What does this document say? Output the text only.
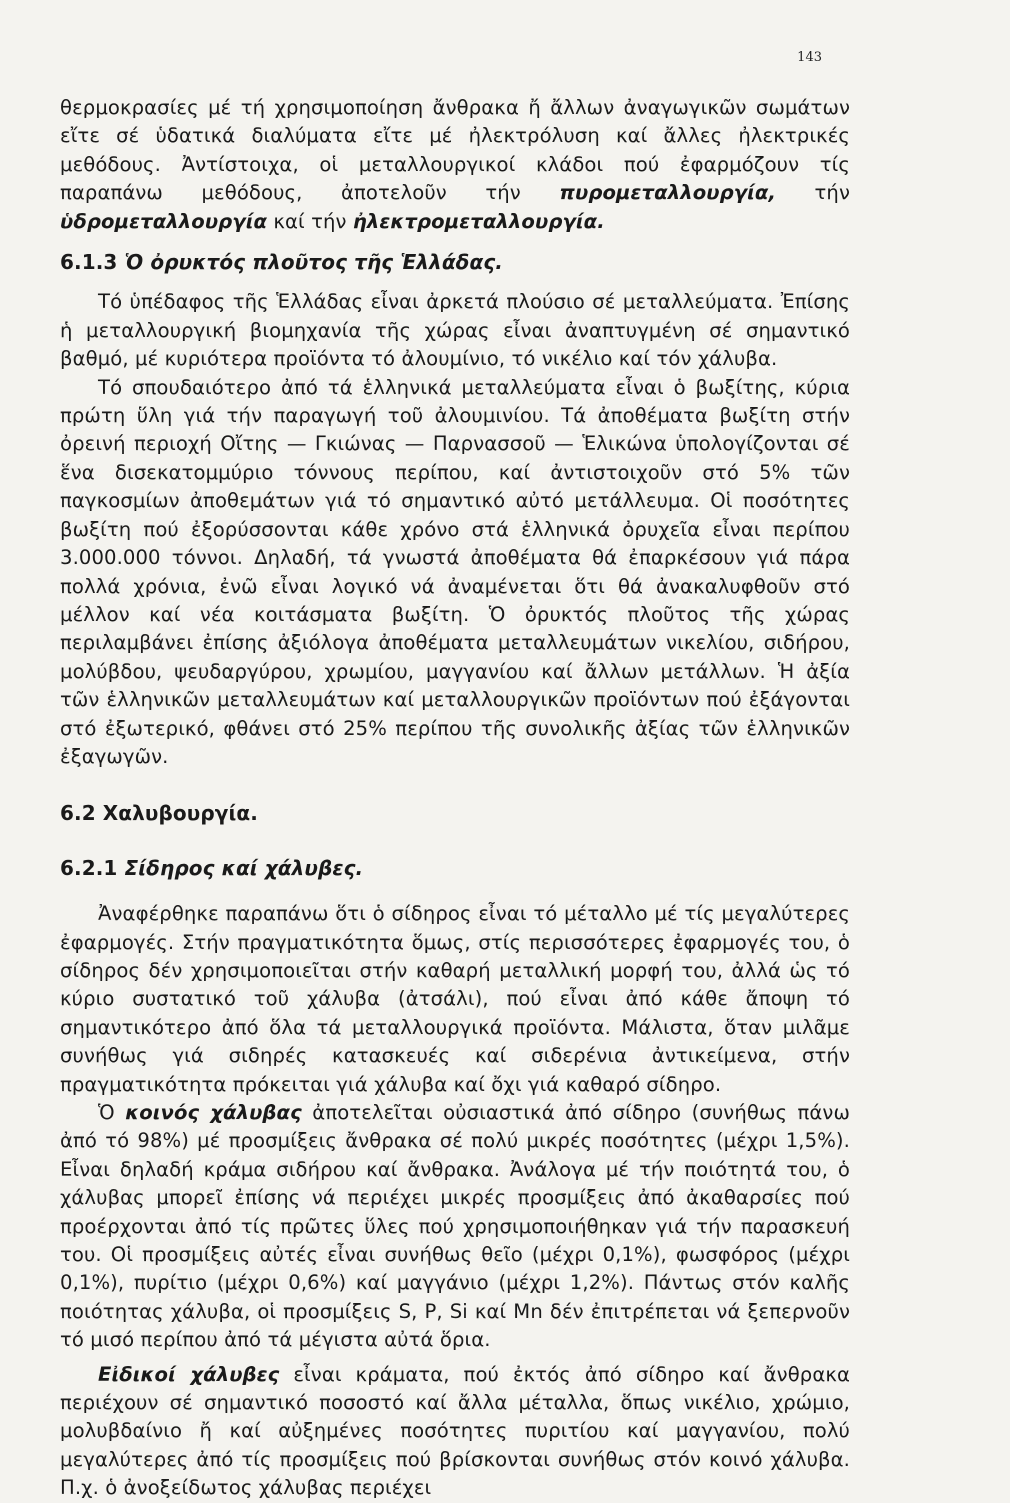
143

θερμοκρασίες μέ τή χρησιμοποίηση ἄνθρακα ἤ ἄλλων ἀναγωγικῶν σωμάτων εἴτε σέ ὑδατικά διαλύματα εἴτε μέ ἠλεκτρόλυση καί ἄλλες ἠλεκτρικές μεθόδους. Ἀντίστοιχα, οἱ μεταλλουργικοί κλάδοι πού ἐφαρμόζουν τίς παραπάνω μεθόδους, ἀποτελοῦν τήν πυρομεταλλουργία, τήν ὑδρομεταλλουργία καί τήν ἠλεκτρομεταλλουργία.

6.1.3 Ὁ ὀρυκτός πλοῦτος τῆς Ἑλλάδας.

Τό ὑπέδαφος τῆς Ἑλλάδας εἶναι ἀρκετά πλούσιο σέ μεταλλεύματα. Ἐπίσης ἡ μεταλλουργική βιομηχανία τῆς χώρας εἶναι ἀναπτυγμένη σέ σημαντικό βαθμό, μέ κυριότερα προϊόντα τό ἀλουμίνιο, τό νικέλιο καί τόν χάλυβα.

Τό σπουδαιότερο ἀπό τά ἑλληνικά μεταλλεύματα εἶναι ὁ βωξίτης, κύρια πρώτη ὕλη γιά τήν παραγωγή τοῦ ἀλουμινίου. Τά ἀποθέματα βωξίτη στήν ὀρεινή περιοχή Οἴτης — Γκιώνας — Παρνασσοῦ — Ἑλικώνα ὑπολογίζονται σέ ἕνα δισεκατομμύριο τόννους περίπου, καί ἀντιστοιχοῦν στό 5% τῶν παγκοσμίων ἀποθεμάτων γιά τό σημαντικό αὐτό μετάλλευμα. Οἱ ποσότητες βωξίτη πού ἐξορύσσονται κάθε χρόνο στά ἑλληνικά ὀρυχεῖα εἶναι περίπου 3.000.000 τόννοι. Δηλαδή, τά γνωστά ἀποθέματα θά ἐπαρκέσουν γιά πάρα πολλά χρόνια, ἐνῶ εἶναι λογικό νά ἀναμένεται ὅτι θά ἀνακαλυφθοῦν στό μέλλον καί νέα κοιτάσματα βωξίτη. Ὁ ὀρυκτός πλοῦτος τῆς χώρας περιλαμβάνει ἐπίσης ἀξιόλογα ἀποθέματα μεταλλευμάτων νικελίου, σιδήρου, μολύβδου, ψευδαργύρου, χρωμίου, μαγγανίου καί ἄλλων μετάλλων. Ἡ ἀξία τῶν ἑλληνικῶν μεταλλευμάτων καί μεταλλουργικῶν προϊόντων πού ἐξάγονται στό ἐξωτερικό, φθάνει στό 25% περίπου τῆς συνολικῆς ἀξίας τῶν ἑλληνικῶν ἐξαγωγῶν.

6.2 Χαλυβουργία.
6.2.1 Σίδηρος καί χάλυβες.

Ἀναφέρθηκε παραπάνω ὅτι ὁ σίδηρος εἶναι τό μέταλλο μέ τίς μεγαλύτερες ἐφαρμογές. Στήν πραγματικότητα ὅμως, στίς περισσότερες ἐφαρμογές του, ὁ σίδηρος δέν χρησιμοποιεῖται στήν καθαρή μεταλλική μορφή του, ἀλλά ὡς τό κύριο συστατικό τοῦ χάλυβα (ἀτσάλι), πού εἶναι ἀπό κάθε ἄποψη τό σημαντικότερο ἀπό ὅλα τά μεταλλουργικά προϊόντα. Μάλιστα, ὅταν μιλᾶμε συνήθως γιά σιδηρές κατασκευές καί σιδερένια ἀντικείμενα, στήν πραγματικότητα πρόκειται γιά χάλυβα καί ὄχι γιά καθαρό σίδηρο.

Ὁ κοινός χάλυβας ἀποτελεῖται οὐσιαστικά ἀπό σίδηρο (συνήθως πάνω ἀπό τό 98%) μέ προσμίξεις ἄνθρακα σέ πολύ μικρές ποσότητες (μέχρι 1,5%). Εἶναι δηλαδή κράμα σιδήρου καί ἄνθρακα. Ἀνάλογα μέ τήν ποιότητά του, ὁ χάλυβας μπορεῖ ἐπίσης νά περιέχει μικρές προσμίξεις ἀπό ἀκαθαρσίες πού προέρχονται ἀπό τίς πρῶτες ὕλες πού χρησιμοποιήθηκαν γιά τήν παρασκευή του. Οἱ προσμίξεις αὐτές εἶναι συνήθως θεῖο (μέχρι 0,1%), φωσφόρος (μέχρι 0,1%), πυρίτιο (μέχρι 0,6%) καί μαγγάνιο (μέχρι 1,2%). Πάντως στόν καλῆς ποιότητας χάλυβα, οἱ προσμίξεις S, P, Si καί Mn δέν ἐπιτρέπεται νά ξεπερνοῦν τό μισό περίπου ἀπό τά μέγιστα αὐτά ὅρια.

Εἰδικοί χάλυβες εἶναι κράματα, πού ἐκτός ἀπό σίδηρο καί ἄνθρακα περιέχουν σέ σημαντικό ποσοστό καί ἄλλα μέταλλα, ὅπως νικέλιο, χρώμιο, μολυβδαίνιο ἤ καί αὐξημένες ποσότητες πυριτίου καί μαγγανίου, πολύ μεγαλύτερες ἀπό τίς προσμίξεις πού βρίσκονται συνήθως στόν κοινό χάλυβα. Π.χ. ὁ ἀνοξείδωτος χάλυβας περιέχει
